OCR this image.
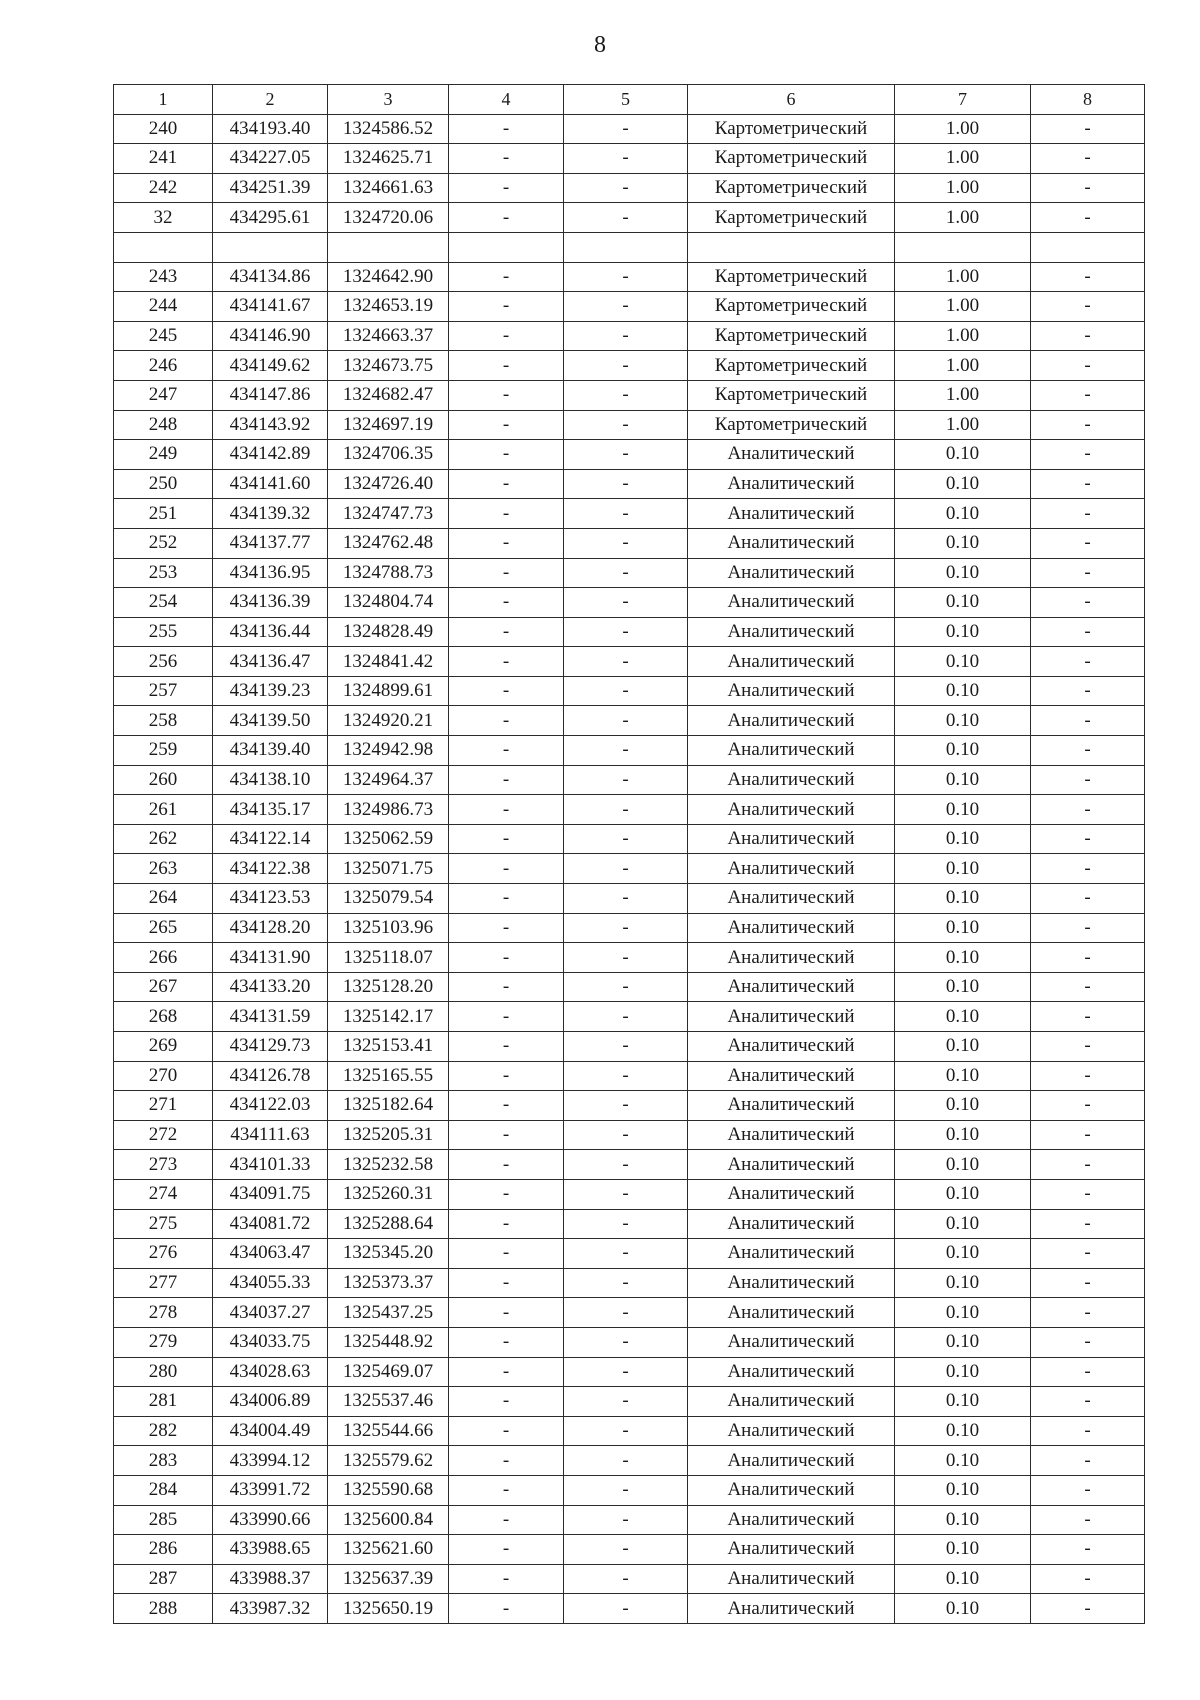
8
1	2	3	4	5	6	7	8
240	434193.40	1324586.52	-	-	Картометрический	1.00	-
241	434227.05	1324625.71	-	-	Картометрический	1.00	-
242	434251.39	1324661.63	-	-	Картометрический	1.00	-
32	434295.61	1324720.06	-	-	Картометрический	1.00	-

243	434134.86	1324642.90	-	-	Картометрический	1.00	-
244	434141.67	1324653.19	-	-	Картометрический	1.00	-
245	434146.90	1324663.37	-	-	Картометрический	1.00	-
246	434149.62	1324673.75	-	-	Картометрический	1.00	-
247	434147.86	1324682.47	-	-	Картометрический	1.00	-
248	434143.92	1324697.19	-	-	Картометрический	1.00	-
249	434142.89	1324706.35	-	-	Аналитический	0.10	-
250	434141.60	1324726.40	-	-	Аналитический	0.10	-
251	434139.32	1324747.73	-	-	Аналитический	0.10	-
252	434137.77	1324762.48	-	-	Аналитический	0.10	-
253	434136.95	1324788.73	-	-	Аналитический	0.10	-
254	434136.39	1324804.74	-	-	Аналитический	0.10	-
255	434136.44	1324828.49	-	-	Аналитический	0.10	-
256	434136.47	1324841.42	-	-	Аналитический	0.10	-
257	434139.23	1324899.61	-	-	Аналитический	0.10	-
258	434139.50	1324920.21	-	-	Аналитический	0.10	-
259	434139.40	1324942.98	-	-	Аналитический	0.10	-
260	434138.10	1324964.37	-	-	Аналитический	0.10	-
261	434135.17	1324986.73	-	-	Аналитический	0.10	-
262	434122.14	1325062.59	-	-	Аналитический	0.10	-
263	434122.38	1325071.75	-	-	Аналитический	0.10	-
264	434123.53	1325079.54	-	-	Аналитический	0.10	-
265	434128.20	1325103.96	-	-	Аналитический	0.10	-
266	434131.90	1325118.07	-	-	Аналитический	0.10	-
267	434133.20	1325128.20	-	-	Аналитический	0.10	-
268	434131.59	1325142.17	-	-	Аналитический	0.10	-
269	434129.73	1325153.41	-	-	Аналитический	0.10	-
270	434126.78	1325165.55	-	-	Аналитический	0.10	-
271	434122.03	1325182.64	-	-	Аналитический	0.10	-
272	434111.63	1325205.31	-	-	Аналитический	0.10	-
273	434101.33	1325232.58	-	-	Аналитический	0.10	-
274	434091.75	1325260.31	-	-	Аналитический	0.10	-
275	434081.72	1325288.64	-	-	Аналитический	0.10	-
276	434063.47	1325345.20	-	-	Аналитический	0.10	-
277	434055.33	1325373.37	-	-	Аналитический	0.10	-
278	434037.27	1325437.25	-	-	Аналитический	0.10	-
279	434033.75	1325448.92	-	-	Аналитический	0.10	-
280	434028.63	1325469.07	-	-	Аналитический	0.10	-
281	434006.89	1325537.46	-	-	Аналитический	0.10	-
282	434004.49	1325544.66	-	-	Аналитический	0.10	-
283	433994.12	1325579.62	-	-	Аналитический	0.10	-
284	433991.72	1325590.68	-	-	Аналитический	0.10	-
285	433990.66	1325600.84	-	-	Аналитический	0.10	-
286	433988.65	1325621.60	-	-	Аналитический	0.10	-
287	433988.37	1325637.39	-	-	Аналитический	0.10	-
288	433987.32	1325650.19	-	-	Аналитический	0.10	-
